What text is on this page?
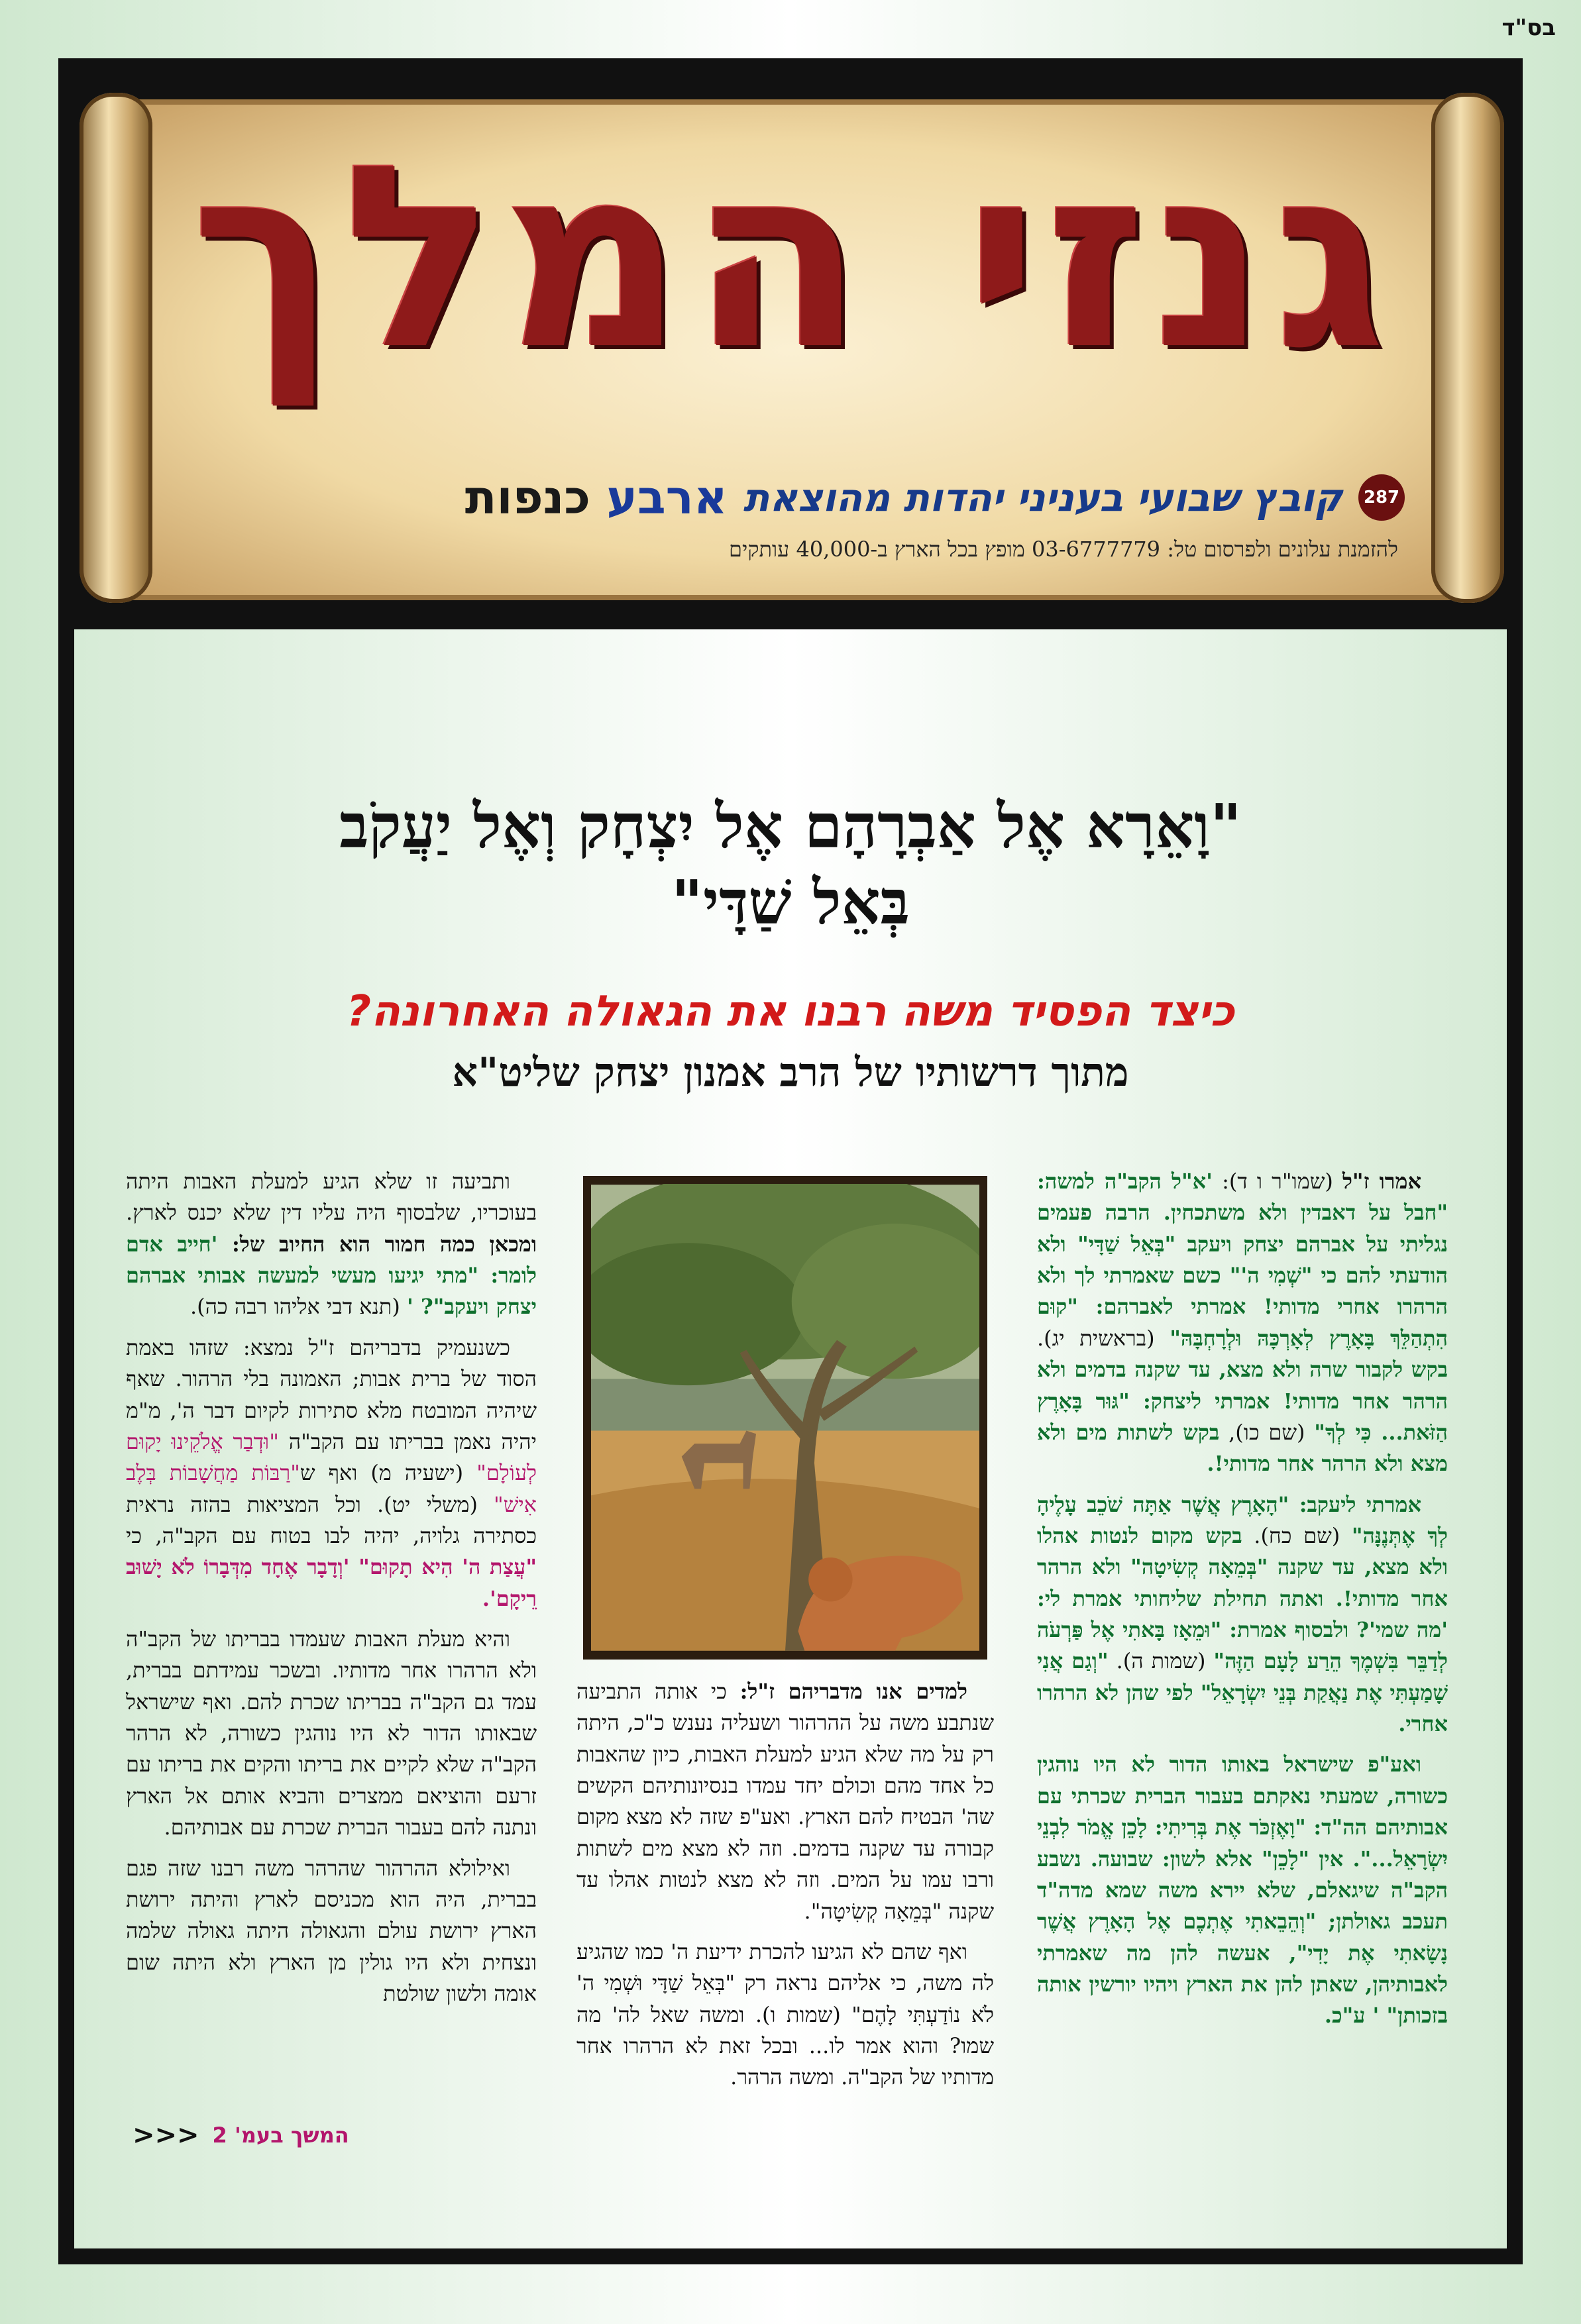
בס"ד
גנזי המלך
287
קובץ שבועי בעניני יהדות מהוצאת
ארבע כנפות
להזמנת עלונים ולפרסום טל: 03-6777779 מופץ בכל הארץ ב-40,000 עותקים

"וָאֵרָא אֶל אַבְרָהָם אֶל יִצְחָק וְאֶל יַעֲקֹב

בְּאֵל שַׁדָּי"

כיצד הפסיד משה רבנו את הגאולה האחרונה?
מתוך דרשותיו של הרב אמנון יצחק שליט"א

אמרו ז"ל (שמו"ר ו ד): 'א"ל הקב"ה למשה: "חבל על דאבדין ולא משתכחין. הרבה פעמים נגליתי על אברהם יצחק ויעקב "בְּאֵל שַׁדָּי" ולא הודעתי להם כי "שְׁמִי ה'" כשם שאמרתי לך ולא הרהרו אחרי מדותי! אמרתי לאברהם: "קוּם הִתְהַלֵּךְ בָּאָרֶץ לְאָרְכָּהּ וּלְרָחְבָּהּ" (בראשית יג). בקש לקבור שרה ולא מצא, עד שקנה בדמים ולא הרהר אחר מדותי! אמרתי ליצחק: "גּוּר בָּאָרֶץ הַזֹּאת... כִּי לְךָ" (שם כו), בקש לשתות מים ולא מצא ולא הרהר אחר מדותי!.

אמרתי ליעקב: "הָאָרֶץ אֲשֶׁר אַתָּה שֹׁכֵב עָלֶיהָ לְךָ אֶתְּנֶנָּה" (שם כח). בקש מקום לנטות אהלו ולא מצא, עד שקנה "בְּמֵאָה קְשִׂיטָה" ולא הרהר אחר מדותי!. ואתה תחילת שליחותי אמרת לי: 'מה שמי'? ולבסוף אמרת: "וּמֵאָז בָּאתִי אֶל פַּרְעֹה לְדַבֵּר בִּשְׁמֶךָ הֵרַע לָעָם הַזֶּה" (שמות ה). "וְגַם אֲנִי שָׁמַעְתִּי אֶת נַאֲקַת בְּנֵי יִשְׂרָאֵל" לפי שהן לא הרהרו אחרי.

ואע"פ שישראל באותו הדור לא היו נוהגין כשורה, שמעתי נאקתם בעבור הברית שכרתי עם אבותיהם הה"ד: "וָאֶזְכֹּר אֶת בְּרִיתִי: לָכֵן אֱמֹר לִבְנֵי יִשְׂרָאֵל...". אין "לָכֵן" אלא לשון: שבועה. נשבע הקב"ה שיגאלם, שלא יירא משה שמא מדה"ד תעכב גאולתן; "וְהֵבֵאתִי אֶתְכֶם אֶל הָאָרֶץ אֲשֶׁר נָשָׂאתִי אֶת יָדִי", אעשה להן מה שאמרתי לאבותיהן, שאתן להן את הארץ ויהיו יורשין אותה בזכותן" ' ע"כ.

למדים אנו מדבריהם ז"ל: כי אותה התביעה שנתבע משה על ההרהור ושעליה נענש כ"כ, היתה רק על מה שלא הגיע למעלת האבות, כיון שהאבות כל אחד מהם וכולם יחד עמדו בנסיונותיהם הקשים שה' הבטיח להם הארץ. ואע"פ שזה לא מצא מקום קבורה עד שקנה בדמים. וזה לא מצא מים לשתות ורבו עמו על המים. וזה לא מצא לנטות אהלו עד שקנה "בְּמֵאָה קְשִׂיטָה".

ואף שהם לא הגיעו להכרת ידיעת ה' כמו שהגיע לה משה, כי אליהם נראה רק "בְּאֵל שַׁדָּי וּשְׁמִי ה' לֹא נוֹדַעְתִּי לָהֶם" (שמות ו). ומשה שאל לה' מה שמו? והוא אמר לו... ובכל זאת לא הרהרו אחר מדותיו של הקב"ה. ומשה הרהר.

ותביעה זו שלא הגיע למעלת האבות היתה בעוכריו, שלבסוף היה עליו דין שלא יכנס לארץ. ומכאן כמה חמור הוא החיוב של: 'חייב אדם לומר: "מתי יגיעו מעשי למעשה אבותי אברהם יצחק ויעקב"? ' (תנא דבי אליהו רבה כה).

כשנעמיק בדבריהם ז"ל נמצא: שזהו באמת הסוד של ברית אבות; האמונה בלי הרהור. שאף שיהיה המובטח מלא סתירות לקיום דבר ה', מ"מ יהיה נאמן בבריתו עם הקב"ה "וּדְבַר אֱלֹקֵינוּ יָקוּם לְעוֹלָם" (ישעיה מ) ואף ש"רַבּוֹת מַחֲשָׁבוֹת בְּלֶב אִישׁ" (משלי יט). וכל המציאות בהזה נראית כסתירה גלויה, יהיה לבו בטוח עם הקב"ה, כי "עֲצַת ה' הִיא תָקוּם" 'וְדָבָר אֶחָד מִדְּבָרוֹ לֹא יָשׁוּב רֵיקָם'.

והיא מעלת האבות שעמדו בבריתו של הקב"ה ולא הרהרו אחר מדותיו. ובשכר עמידתם בברית, עמד גם הקב"ה בבריתו שכרת להם. ואף שישראל שבאותו הדור לא היו נוהגין כשורה, לא הרהר הקב"ה שלא לקיים את בריתו והקים את בריתו עם זרעם והוציאם ממצרים והביא אותם אל הארץ ונתנה להם בעבור הברית שכרת עם אבותיהם.

ואילולא ההרהור שהרהר משה רבנו שזה פגם בברית, היה הוא מכניסם לארץ והיתה ירושת הארץ ירושת עולם והגאולה היתה גאולה שלמה ונצחית ולא היו גולין מן הארץ ולא היתה שום אומה ולשון שולטת

המשך בעמ' 2
<<<
